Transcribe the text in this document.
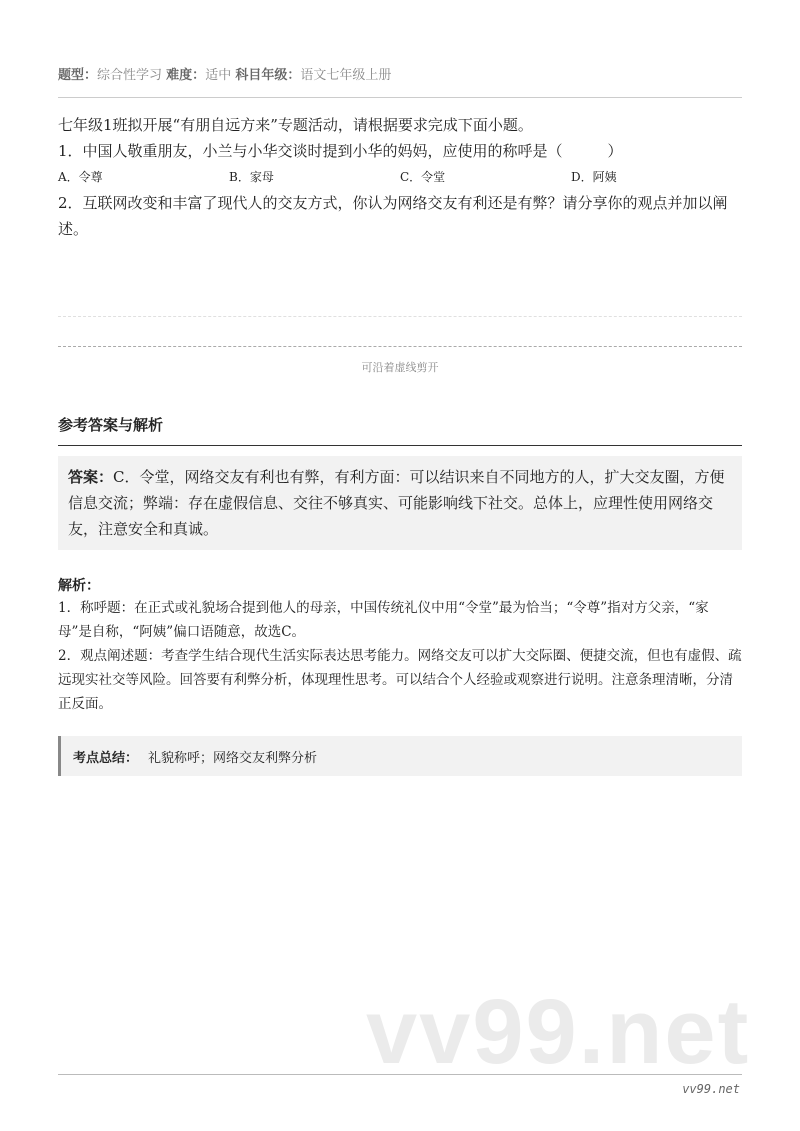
题型：综合性学习 难度：适中 科目年级：语文七年级上册

七年级1班拟开展“有朋自远方来”专题活动，请根据要求完成下面小题。

1．中国人敬重朋友，小兰与小华交谈时提到小华的妈妈，应使用的称呼是（　　　）

A．令尊	B．家母	C．令堂	D．阿姨

2．互联网改变和丰富了现代人的交友方式，你认为网络交友有利还是有弊？请分享你的观点并加以阐述。

可沿着虚线剪开
参考答案与解析
答案：C．令堂，网络交友有利也有弊，有利方面：可以结识来自不同地方的人，扩大交友圈，方便信息交流；弊端：存在虚假信息、交往不够真实、可能影响线下社交。总体上，应理性使用网络交友，注意安全和真诚。
解析：

1．称呼题：在正式或礼貌场合提到他人的母亲，中国传统礼仪中用“令堂”最为恰当；“令尊”指对方父亲，“家母”是自称，“阿姨”偏口语随意，故选C。

2．观点阐述题：考查学生结合现代生活实际表达思考能力。网络交友可以扩大交际圈、便捷交流，但也有虚假、疏远现实社交等风险。回答要有利弊分析，体现理性思考。可以结合个人经验或观察进行说明。注意条理清晰，分清正反面。

考点总结： 礼貌称呼；网络交友利弊分析
vv99.net
vv99.net
